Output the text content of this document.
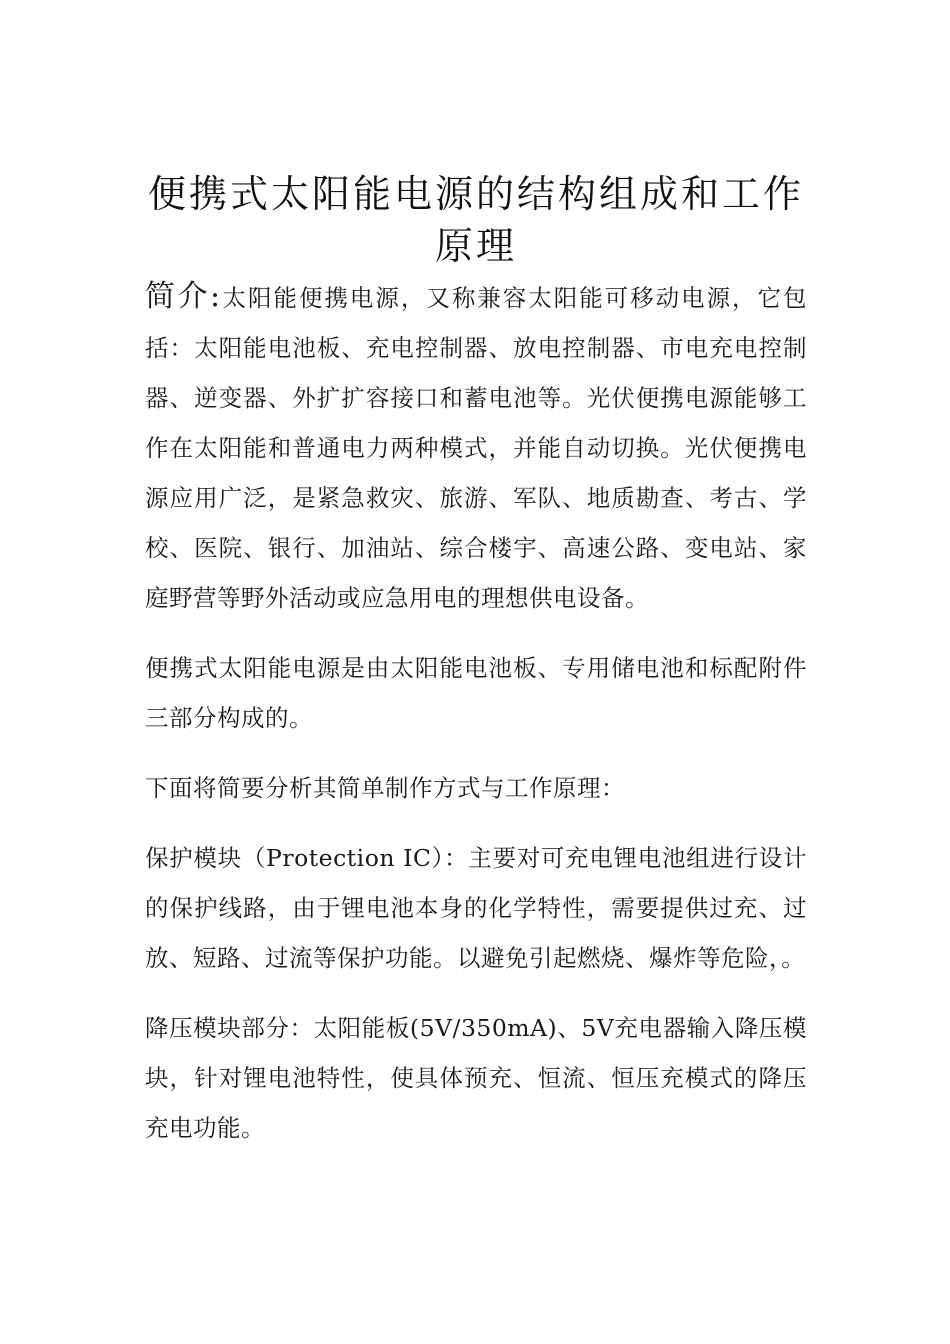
便携式太阳能电源的结构组成和工作原理

简介:太阳能便携电源，又称兼容太阳能可移动电源，它包括：太阳能电池板、充电控制器、放电控制器、市电充电控制器、逆变器、外扩扩容接口和蓄电池等。光伏便携电源能够工作在太阳能和普通电力两种模式，并能自动切换。光伏便携电源应用广泛，是紧急救灾、旅游、军队、地质勘查、考古、学校、医院、银行、加油站、综合楼宇、高速公路、变电站、家庭野营等野外活动或应急用电的理想供电设备。

便携式太阳能电源是由太阳能电池板、专用储电池和标配附件三部分构成的。

下面将简要分析其简单制作方式与工作原理：

保护模块（Protection IC）：主要对可充电锂电池组进行设计的保护线路，由于锂电池本身的化学特性，需要提供过充、过放、短路、过流等保护功能。以避免引起燃烧、爆炸等危险，。

降压模块部分：太阳能板(5V/350mA)、5V充电器输入降压模块，针对锂电池特性，使具体预充、恒流、恒压充模式的降压充电功能。
